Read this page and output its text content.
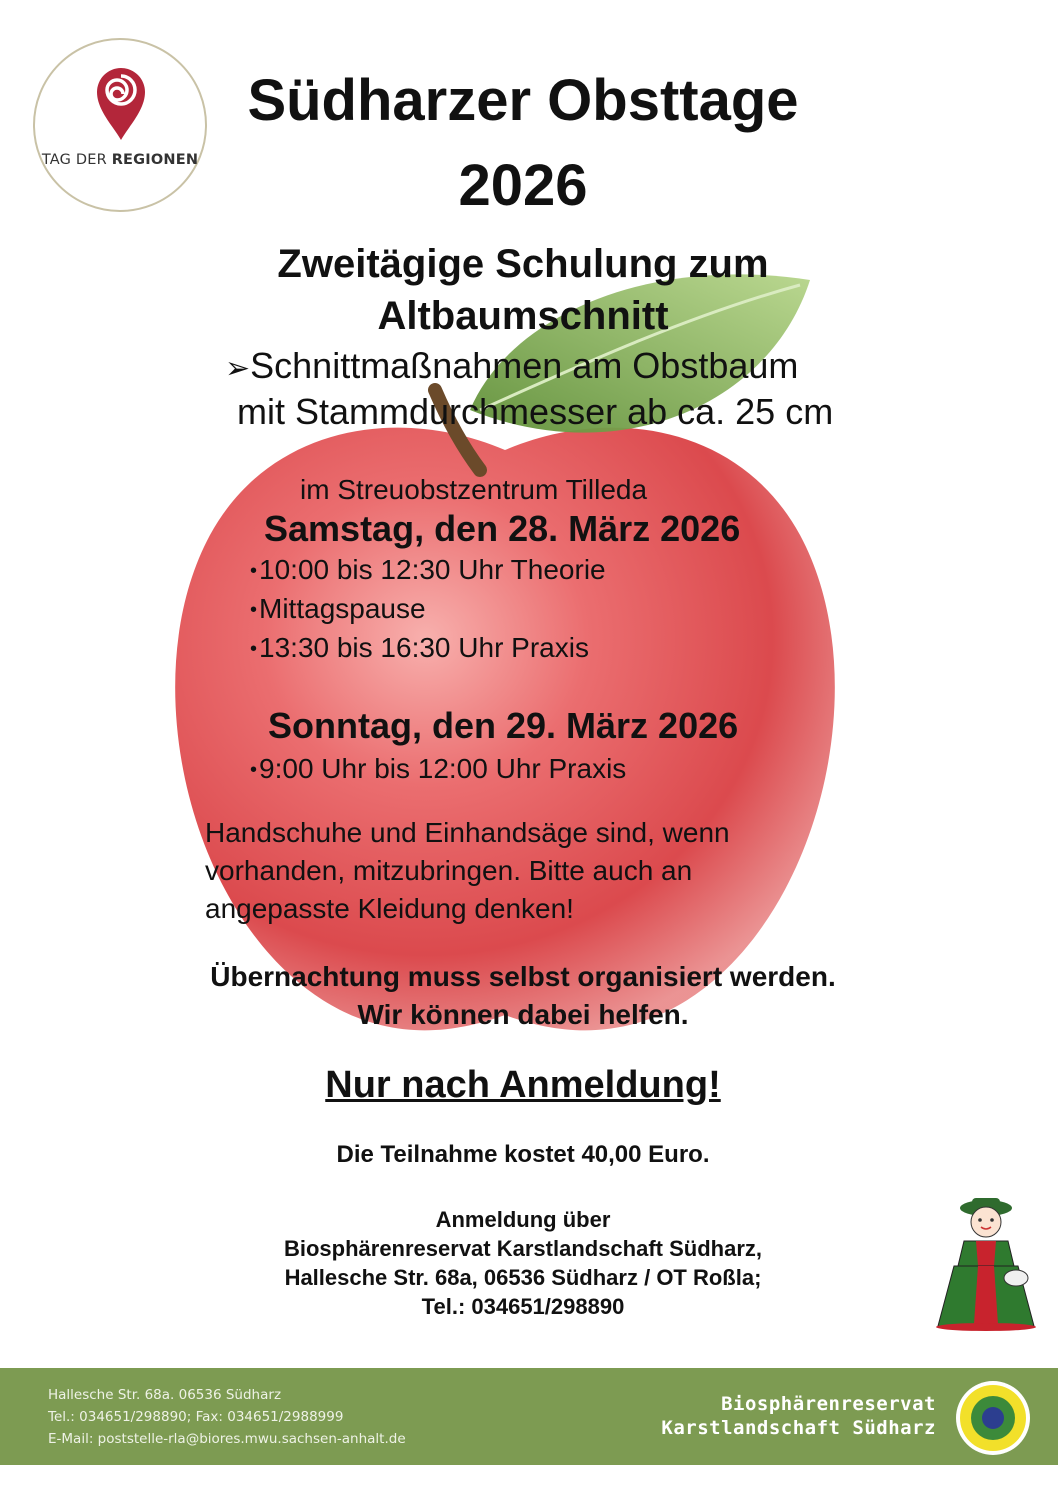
TAG DER REGIONEN
Südharzer Obsttage
2026
Zweitägige Schulung zum
Altbaumschnitt
➢Schnittmaßnahmen am Obstbaum
mit Stammdurchmesser ab ca. 25 cm
im Streuobstzentrum Tilleda
Samstag, den 28. März 2026
• 10:00 bis 12:30 Uhr Theorie
• Mittagspause
• 13:30 bis 16:30 Uhr Praxis
Sonntag, den 29. März 2026
• 9:00 Uhr bis 12:00 Uhr Praxis
Handschuhe und Einhandsäge sind, wenn
vorhanden, mitzubringen. Bitte auch an
angepasste Kleidung denken!
Übernachtung muss selbst organisiert werden.
Wir können dabei helfen.
Nur nach Anmeldung!
Die Teilnahme kostet 40,00 Euro.
Anmeldung über
Biosphärenreservat Karstlandschaft Südharz,
Hallesche Str. 68a, 06536 Südharz / OT Roßla;
Tel.: 034651/298890
Hallesche Str. 68a. 06536 Südharz
Tel.: 034651/298890; Fax: 034651/2988999
E-Mail: poststelle-rla@biores.mwu.sachsen-anhalt.de
Biosphärenreservat
Karstlandschaft Südharz
